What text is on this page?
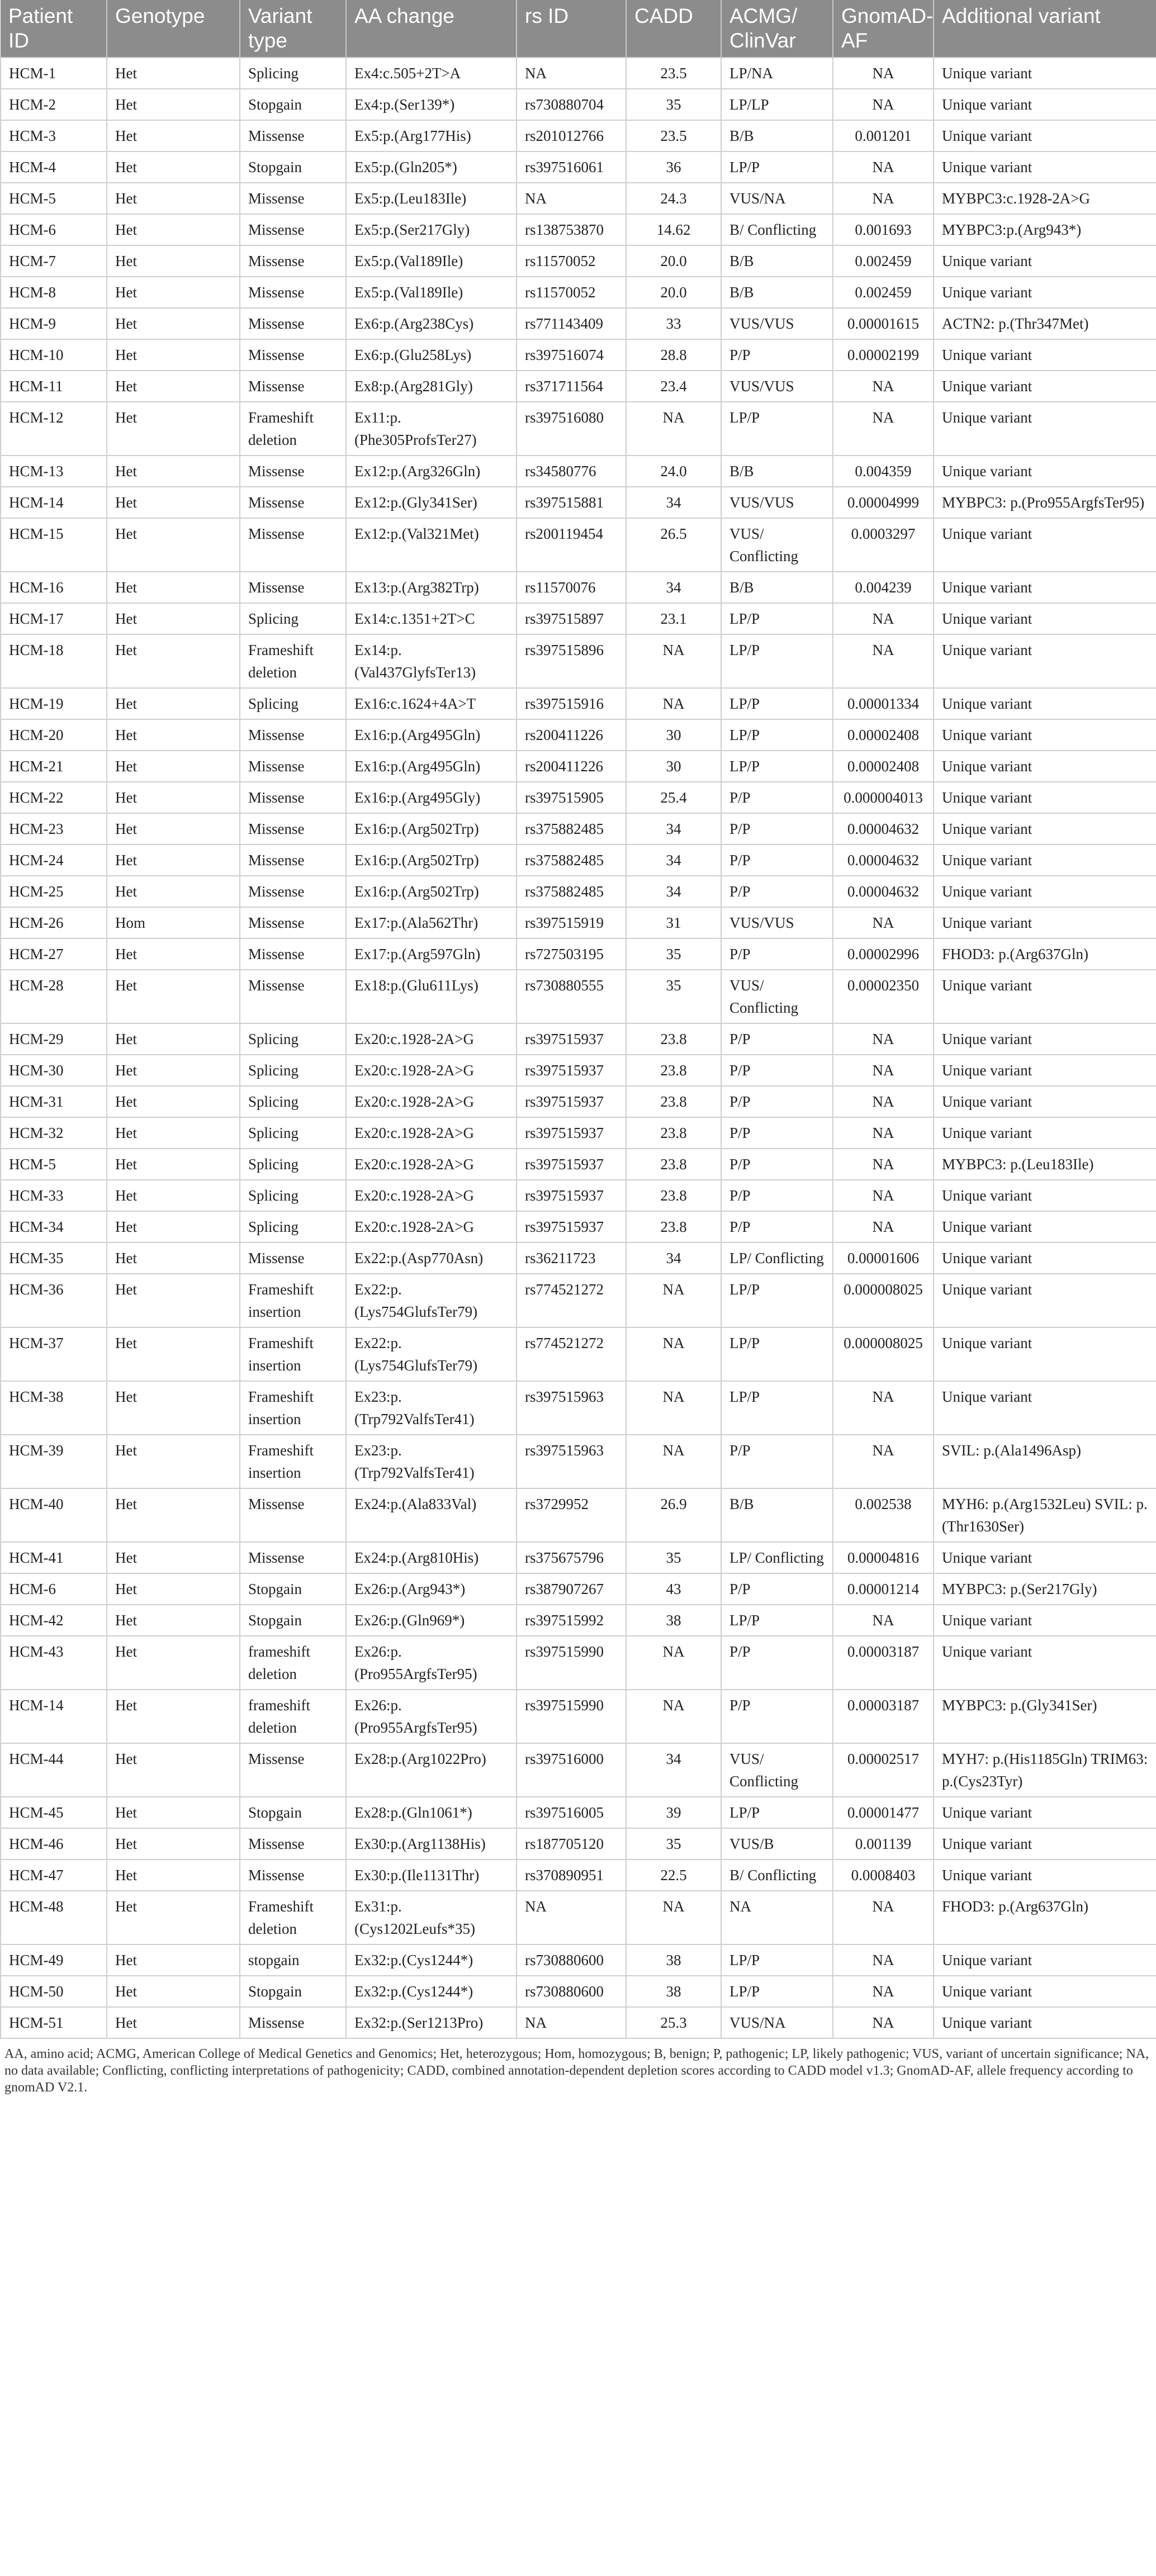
Patient ID	Genotype	Variant type	AA change	rs ID	CADD	ACMG/ ClinVar	GnomAD-AF	Additional variant
HCM-1	Het	Splicing	Ex4:c.505+2T>A	NA	23.5	LP/NA	NA	Unique variant
HCM-2	Het	Stopgain	Ex4:p.(Ser139*)	rs730880704	35	LP/LP	NA	Unique variant
HCM-3	Het	Missense	Ex5:p.(Arg177His)	rs201012766	23.5	B/B	0.001201	Unique variant
HCM-4	Het	Stopgain	Ex5:p.(Gln205*)	rs397516061	36	LP/P	NA	Unique variant
HCM-5	Het	Missense	Ex5:p.(Leu183Ile)	NA	24.3	VUS/NA	NA	MYBPC3:c.1928-2A>G
HCM-6	Het	Missense	Ex5:p.(Ser217Gly)	rs138753870	14.62	B/ Conflicting	0.001693	MYBPC3:p.(Arg943*)
HCM-7	Het	Missense	Ex5:p.(Val189Ile)	rs11570052	20.0	B/B	0.002459	Unique variant
HCM-8	Het	Missense	Ex5:p.(Val189Ile)	rs11570052	20.0	B/B	0.002459	Unique variant
HCM-9	Het	Missense	Ex6:p.(Arg238Cys)	rs771143409	33	VUS/VUS	0.00001615	ACTN2: p.(Thr347Met)
HCM-10	Het	Missense	Ex6:p.(Glu258Lys)	rs397516074	28.8	P/P	0.00002199	Unique variant
HCM-11	Het	Missense	Ex8:p.(Arg281Gly)	rs371711564	23.4	VUS/VUS	NA	Unique variant
HCM-12	Het	Frameshift deletion	Ex11:p. (Phe305ProfsTer27)	rs397516080	NA	LP/P	NA	Unique variant
HCM-13	Het	Missense	Ex12:p.(Arg326Gln)	rs34580776	24.0	B/B	0.004359	Unique variant
HCM-14	Het	Missense	Ex12:p.(Gly341Ser)	rs397515881	34	VUS/VUS	0.00004999	MYBPC3: p.(Pro955ArgfsTer95)
HCM-15	Het	Missense	Ex12:p.(Val321Met)	rs200119454	26.5	VUS/ Conflicting	0.0003297	Unique variant
HCM-16	Het	Missense	Ex13:p.(Arg382Trp)	rs11570076	34	B/B	0.004239	Unique variant
HCM-17	Het	Splicing	Ex14:c.1351+2T>C	rs397515897	23.1	LP/P	NA	Unique variant
HCM-18	Het	Frameshift deletion	Ex14:p. (Val437GlyfsTer13)	rs397515896	NA	LP/P	NA	Unique variant
HCM-19	Het	Splicing	Ex16:c.1624+4A>T	rs397515916	NA	LP/P	0.00001334	Unique variant
HCM-20	Het	Missense	Ex16:p.(Arg495Gln)	rs200411226	30	LP/P	0.00002408	Unique variant
HCM-21	Het	Missense	Ex16:p.(Arg495Gln)	rs200411226	30	LP/P	0.00002408	Unique variant
HCM-22	Het	Missense	Ex16:p.(Arg495Gly)	rs397515905	25.4	P/P	0.000004013	Unique variant
HCM-23	Het	Missense	Ex16:p.(Arg502Trp)	rs375882485	34	P/P	0.00004632	Unique variant
HCM-24	Het	Missense	Ex16:p.(Arg502Trp)	rs375882485	34	P/P	0.00004632	Unique variant
HCM-25	Het	Missense	Ex16:p.(Arg502Trp)	rs375882485	34	P/P	0.00004632	Unique variant
HCM-26	Hom	Missense	Ex17:p.(Ala562Thr)	rs397515919	31	VUS/VUS	NA	Unique variant
HCM-27	Het	Missense	Ex17:p.(Arg597Gln)	rs727503195	35	P/P	0.00002996	FHOD3: p.(Arg637Gln)
HCM-28	Het	Missense	Ex18:p.(Glu611Lys)	rs730880555	35	VUS/ Conflicting	0.00002350	Unique variant
HCM-29	Het	Splicing	Ex20:c.1928-2A>G	rs397515937	23.8	P/P	NA	Unique variant
HCM-30	Het	Splicing	Ex20:c.1928-2A>G	rs397515937	23.8	P/P	NA	Unique variant
HCM-31	Het	Splicing	Ex20:c.1928-2A>G	rs397515937	23.8	P/P	NA	Unique variant
HCM-32	Het	Splicing	Ex20:c.1928-2A>G	rs397515937	23.8	P/P	NA	Unique variant
HCM-5	Het	Splicing	Ex20:c.1928-2A>G	rs397515937	23.8	P/P	NA	MYBPC3: p.(Leu183Ile)
HCM-33	Het	Splicing	Ex20:c.1928-2A>G	rs397515937	23.8	P/P	NA	Unique variant
HCM-34	Het	Splicing	Ex20:c.1928-2A>G	rs397515937	23.8	P/P	NA	Unique variant
HCM-35	Het	Missense	Ex22:p.(Asp770Asn)	rs36211723	34	LP/ Conflicting	0.00001606	Unique variant
HCM-36	Het	Frameshift insertion	Ex22:p. (Lys754GlufsTer79)	rs774521272	NA	LP/P	0.000008025	Unique variant
HCM-37	Het	Frameshift insertion	Ex22:p. (Lys754GlufsTer79)	rs774521272	NA	LP/P	0.000008025	Unique variant
HCM-38	Het	Frameshift insertion	Ex23:p. (Trp792ValfsTer41)	rs397515963	NA	LP/P	NA	Unique variant
HCM-39	Het	Frameshift insertion	Ex23:p. (Trp792ValfsTer41)	rs397515963	NA	P/P	NA	SVIL: p.(Ala1496Asp)
HCM-40	Het	Missense	Ex24:p.(Ala833Val)	rs3729952	26.9	B/B	0.002538	MYH6: p.(Arg1532Leu) SVIL: p.(Thr1630Ser)
HCM-41	Het	Missense	Ex24:p.(Arg810His)	rs375675796	35	LP/ Conflicting	0.00004816	Unique variant
HCM-6	Het	Stopgain	Ex26:p.(Arg943*)	rs387907267	43	P/P	0.00001214	MYBPC3: p.(Ser217Gly)
HCM-42	Het	Stopgain	Ex26:p.(Gln969*)	rs397515992	38	LP/P	NA	Unique variant
HCM-43	Het	frameshift deletion	Ex26:p. (Pro955ArgfsTer95)	rs397515990	NA	P/P	0.00003187	Unique variant
HCM-14	Het	frameshift deletion	Ex26:p. (Pro955ArgfsTer95)	rs397515990	NA	P/P	0.00003187	MYBPC3: p.(Gly341Ser)
HCM-44	Het	Missense	Ex28:p.(Arg1022Pro)	rs397516000	34	VUS/ Conflicting	0.00002517	MYH7: p.(His1185Gln) TRIM63: p.(Cys23Tyr)
HCM-45	Het	Stopgain	Ex28:p.(Gln1061*)	rs397516005	39	LP/P	0.00001477	Unique variant
HCM-46	Het	Missense	Ex30:p.(Arg1138His)	rs187705120	35	VUS/B	0.001139	Unique variant
HCM-47	Het	Missense	Ex30:p.(Ile1131Thr)	rs370890951	22.5	B/ Conflicting	0.0008403	Unique variant
HCM-48	Het	Frameshift deletion	Ex31:p. (Cys1202Leufs*35)	NA	NA	NA	NA	FHOD3: p.(Arg637Gln)
HCM-49	Het	stopgain	Ex32:p.(Cys1244*)	rs730880600	38	LP/P	NA	Unique variant
HCM-50	Het	Stopgain	Ex32:p.(Cys1244*)	rs730880600	38	LP/P	NA	Unique variant
HCM-51	Het	Missense	Ex32:p.(Ser1213Pro)	NA	25.3	VUS/NA	NA	Unique variant
AA, amino acid; ACMG, American College of Medical Genetics and Genomics; Het, heterozygous; Hom, homozygous; B, benign; P, pathogenic; LP, likely pathogenic; VUS, variant of uncertain significance; NA, no data available; Conflicting, conflicting interpretations of pathogenicity; CADD, combined annotation-dependent depletion scores according to CADD model v1.3; GnomAD-AF, allele frequency according to gnomAD V2.1.
